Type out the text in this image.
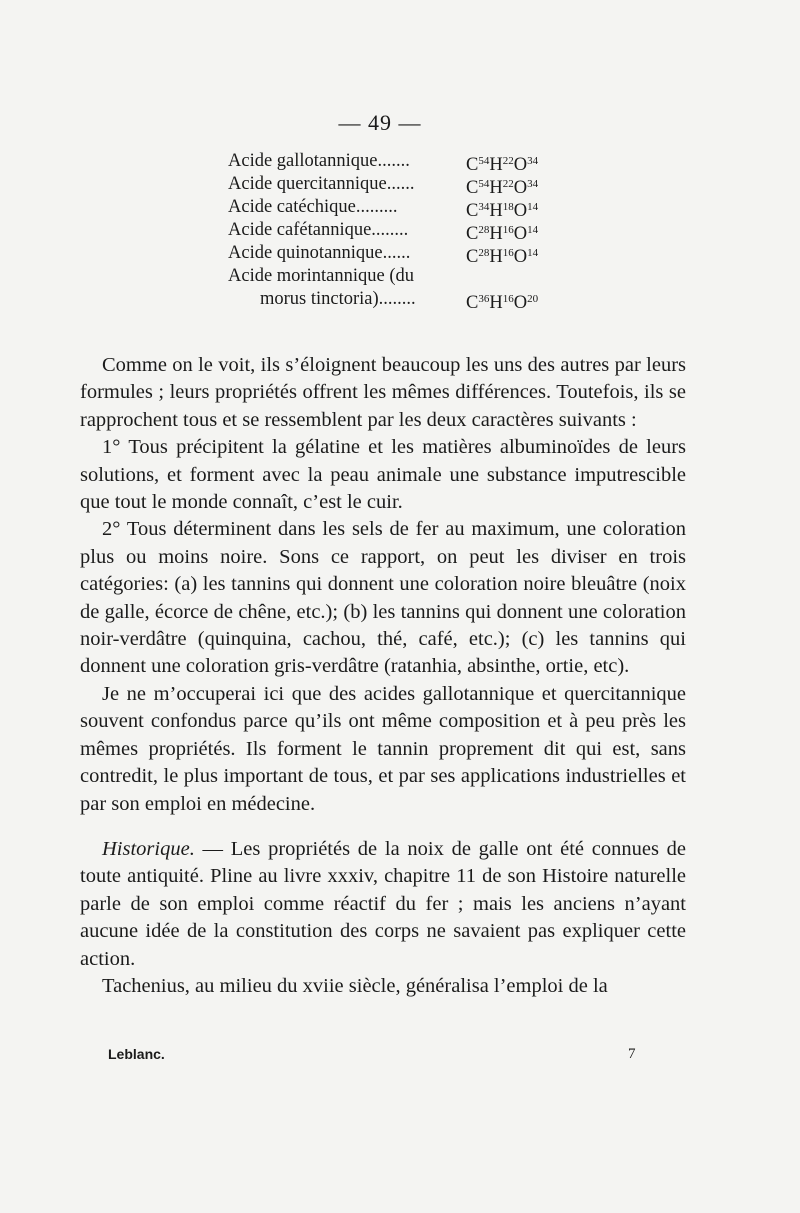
— 49 —
Acide gallotannique.......	$C^{54}H^{22}O^{34}$
Acide quercitannique......	$C^{54}H^{22}O^{34}$
Acide catéchique.........	$C^{34}H^{18}O^{14}$
Acide cafétannique........	$C^{28}H^{16}O^{14}$
Acide quinotannique......	$C^{28}H^{16}O^{14}$
Acide morintannique (du
morus tinctoria)........	$C^{36}H^{16}O^{20}$

Comme on le voit, ils s’éloignent beaucoup les uns des autres par leurs formules ; leurs propriétés offrent les mêmes différences. Toutefois, ils se rapprochent tous et se ressemblent par les deux caractères suivants :

1° Tous précipitent la gélatine et les matières albuminoïdes de leurs solutions, et forment avec la peau animale une substance imputrescible que tout le monde connaît, c’est le cuir.

2° Tous déterminent dans les sels de fer au maximum, une coloration plus ou moins noire. Sons ce rapport, on peut les diviser en trois catégories: (a) les tannins qui donnent une coloration noire bleuâtre (noix de galle, écorce de chêne, etc.); (b) les tannins qui donnent une coloration noir-verdâtre (quinquina, cachou, thé, café, etc.); (c) les tannins qui donnent une coloration gris-verdâtre (ratanhia, absinthe, ortie, etc).

Je ne m’occuperai ici que des acides gallotannique et quercitannique souvent confondus parce qu’ils ont même composition et à peu près les mêmes propriétés. Ils forment le tannin proprement dit qui est, sans contredit, le plus important de tous, et par ses applications industrielles et par son emploi en médecine.

Historique. — Les propriétés de la noix de galle ont été connues de toute antiquité. Pline au livre xxxiv, chapitre 11 de son Histoire naturelle parle de son emploi comme réactif du fer ; mais les anciens n’ayant aucune idée de la constitution des corps ne savaient pas expliquer cette action.

Tachenius, au milieu du xviie siècle, généralisa l’emploi de la

Leblanc.	7
